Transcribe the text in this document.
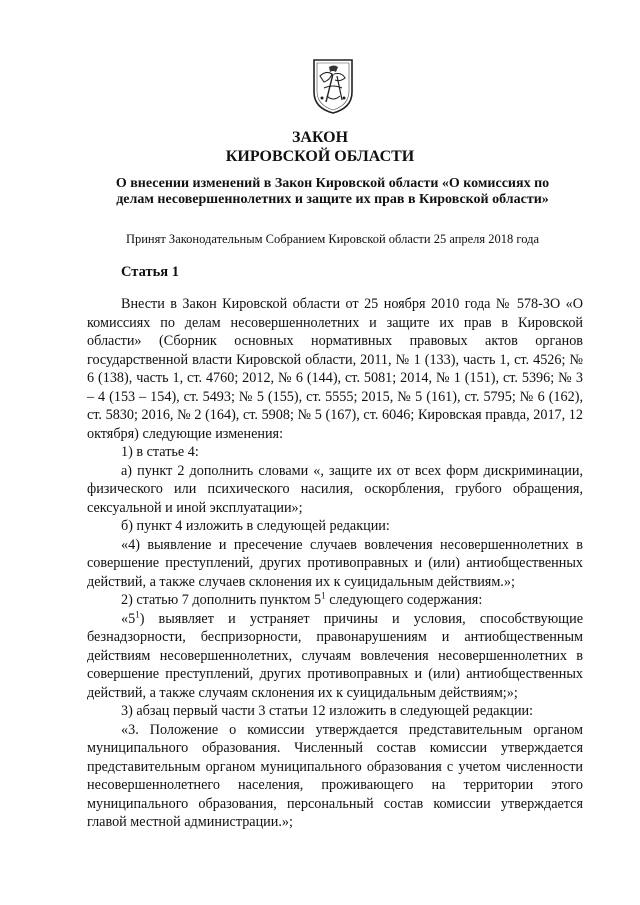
ЗАКОН
КИРОВСКОЙ ОБЛАСТИ
О внесении изменений в Закон Кировской области «О комиссиях по делам несовершеннолетних и защите их прав в Кировской области»
Принят Законодательным Собранием Кировской области 25 апреля 2018 года
Статья 1

Внести в Закон Кировской области от 25 ноября 2010 года № 578-ЗО «О комиссиях по делам несовершеннолетних и защите их прав в Кировской области» (Сборник основных нормативных правовых актов органов государственной власти Кировской области, 2011, № 1 (133), часть 1, ст. 4526; № 6 (138), часть 1, ст. 4760; 2012, № 6 (144), ст. 5081; 2014, № 1 (151), ст. 5396; № 3 – 4 (153 – 154), ст. 5493; № 5 (155), ст. 5555; 2015, № 5 (161), ст. 5795; № 6 (162), ст. 5830; 2016, № 2 (164), ст. 5908; № 5 (167), ст. 6046; Кировская правда, 2017, 12 октября) следующие изменения:

1) в статье 4:

а) пункт 2 дополнить словами «, защите их от всех форм дискриминации, физического или психического насилия, оскорбления, грубого обращения, сексуальной и иной эксплуатации»;

б) пункт 4 изложить в следующей редакции:

«4) выявление и пресечение случаев вовлечения несовершеннолетних в совершение преступлений, других противоправных и (или) антиобщественных действий, а также случаев склонения их к суицидальным действиям.»;

2) статью 7 дополнить пунктом $5^1$ следующего содержания:

«$5^1$) выявляет и устраняет причины и условия, способствующие безнадзорности, беспризорности, правонарушениям и антиобщественным действиям несовершеннолетних, случаям вовлечения несовершеннолетних в совершение преступлений, других противоправных и (или) антиобщественных действий, а также случаям склонения их к суицидальным действиям;»;

3) абзац первый части 3 статьи 12 изложить в следующей редакции:

«3. Положение о комиссии утверждается представительным органом муниципального образования. Численный состав комиссии утверждается представительным органом муниципального образования с учетом численности несовершеннолетнего населения, проживающего на территории этого муниципального образования, персональный состав комиссии утверждается главой местной администрации.»;
